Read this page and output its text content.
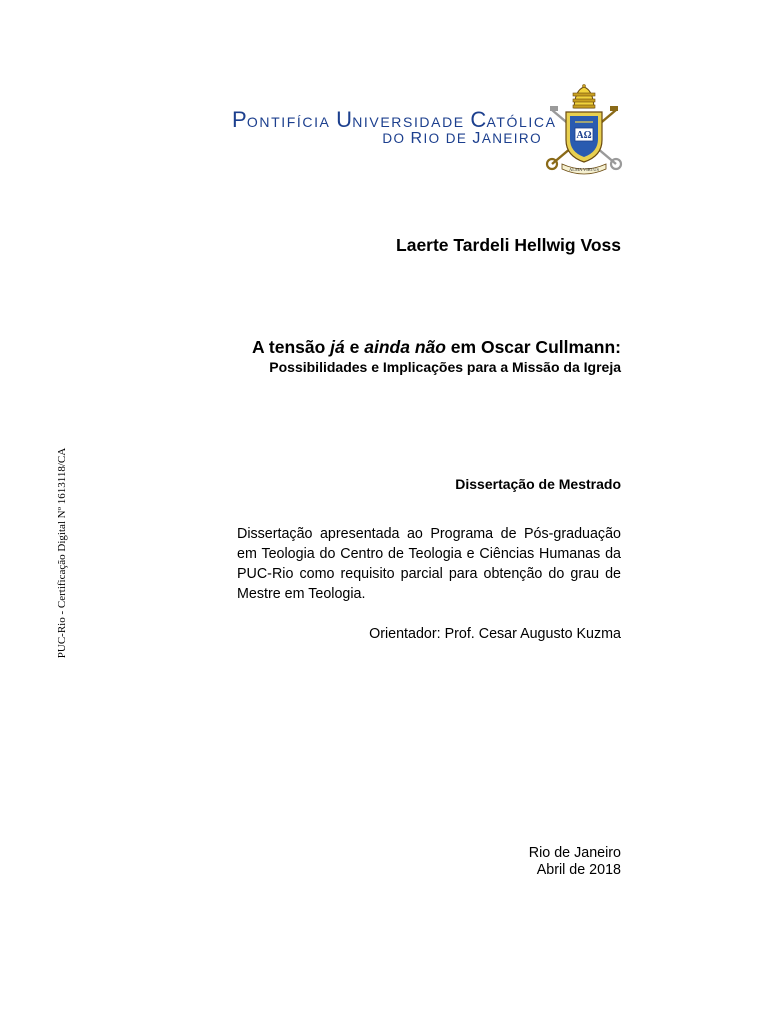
PONTIFÍCIA UNIVERSIDADE CATÓLICA
DO RIO DE JANEIRO	AΩ
ALMA VIRTUS
Laerte Tardeli Hellwig Voss
A tensão já e ainda não em Oscar Cullmann:
Possibilidades e Implicações para a Missão da Igreja
Dissertação de Mestrado
Dissertação apresentada ao Programa de Pós-graduação em Teologia do Centro de Teologia e Ciências Humanas da PUC-Rio como requisito parcial para obtenção do grau de Mestre em Teologia.
Orientador: Prof. Cesar Augusto Kuzma
Rio de Janeiro
Abril de 2018
PUC-Rio - Certificação Digital Nº 1613118/CA
